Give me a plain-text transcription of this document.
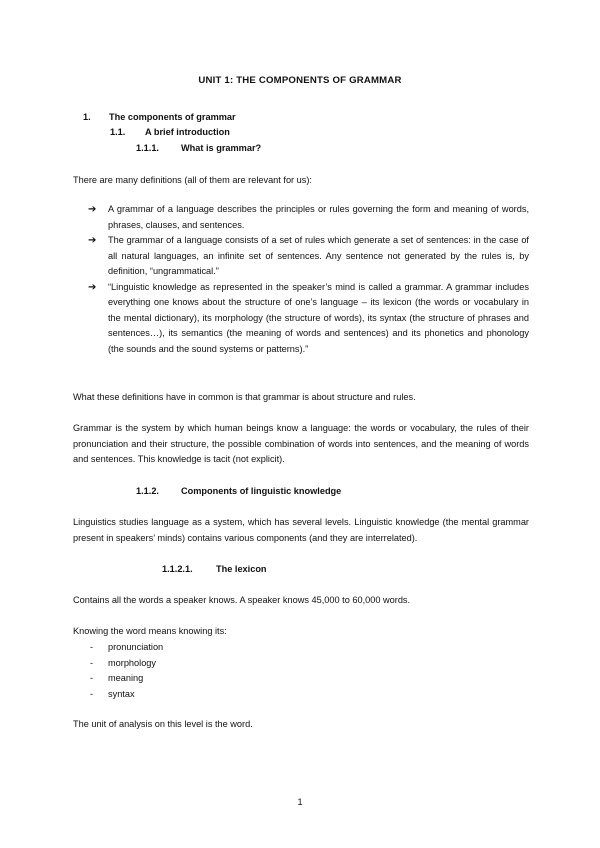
UNIT 1: THE COMPONENTS OF GRAMMAR
1. The components of grammar
1.1. A brief introduction
1.1.1. What is grammar?
There are many definitions (all of them are relevant for us):
➔ A grammar of a language describes the principles or rules governing the form and meaning of words, phrases, clauses, and sentences.
➔ The grammar of a language consists of a set of rules which generate a set of sentences: in the case of all natural languages, an infinite set of sentences. Any sentence not generated by the rules is, by definition, “ungrammatical.”
➔ “Linguistic knowledge as represented in the speaker’s mind is called a grammar. A grammar includes everything one knows about the structure of one’s language – its lexicon (the words or vocabulary in the mental dictionary), its morphology (the structure of words), its syntax (the structure of phrases and sentences…), its semantics (the meaning of words and sentences) and its phonetics and phonology (the sounds and the sound systems or patterns).”
What these definitions have in common is that grammar is about structure and rules.
Grammar is the system by which human beings know a language: the words or vocabulary, the rules of their pronunciation and their structure, the possible combination of words into sentences, and the meaning of words and sentences. This knowledge is tacit (not explicit).
1.1.2. Components of linguistic knowledge
Linguistics studies language as a system, which has several levels. Linguistic knowledge (the mental grammar present in speakers’ minds) contains various components (and they are interrelated).
1.1.2.1.	The lexicon
Contains all the words a speaker knows. A speaker knows 45,000 to 60,000 words.
Knowing the word means knowing its:
- pronunciation
- morphology
- meaning
- syntax
The unit of analysis on this level is the word.
1
